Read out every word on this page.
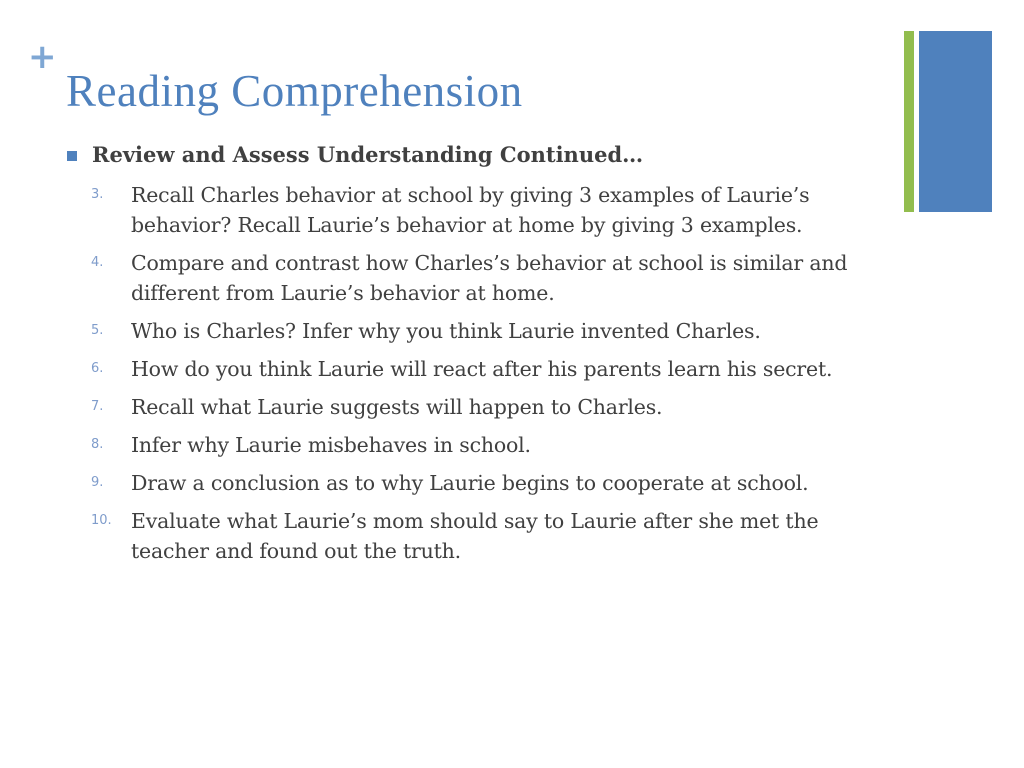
+
Reading Comprehension
Review and Assess Understanding Continued…
3.	Recall Charles behavior at school by giving 3 examples of Laurie’s behavior? Recall Laurie’s behavior at home by giving 3 examples.
4.	Compare and contrast how Charles’s behavior at school is similar and different from Laurie’s behavior at home.
5.	Who is Charles? Infer why you think Laurie invented Charles.
6.	How do you think Laurie will react after his parents learn his secret.
7.	Recall what Laurie suggests will happen to Charles.
8.	Infer why Laurie misbehaves in school.
9.	Draw a conclusion as to why Laurie begins to cooperate at school.
10. Evaluate what Laurie’s mom should say to Laurie after she met the teacher and found out the truth.
